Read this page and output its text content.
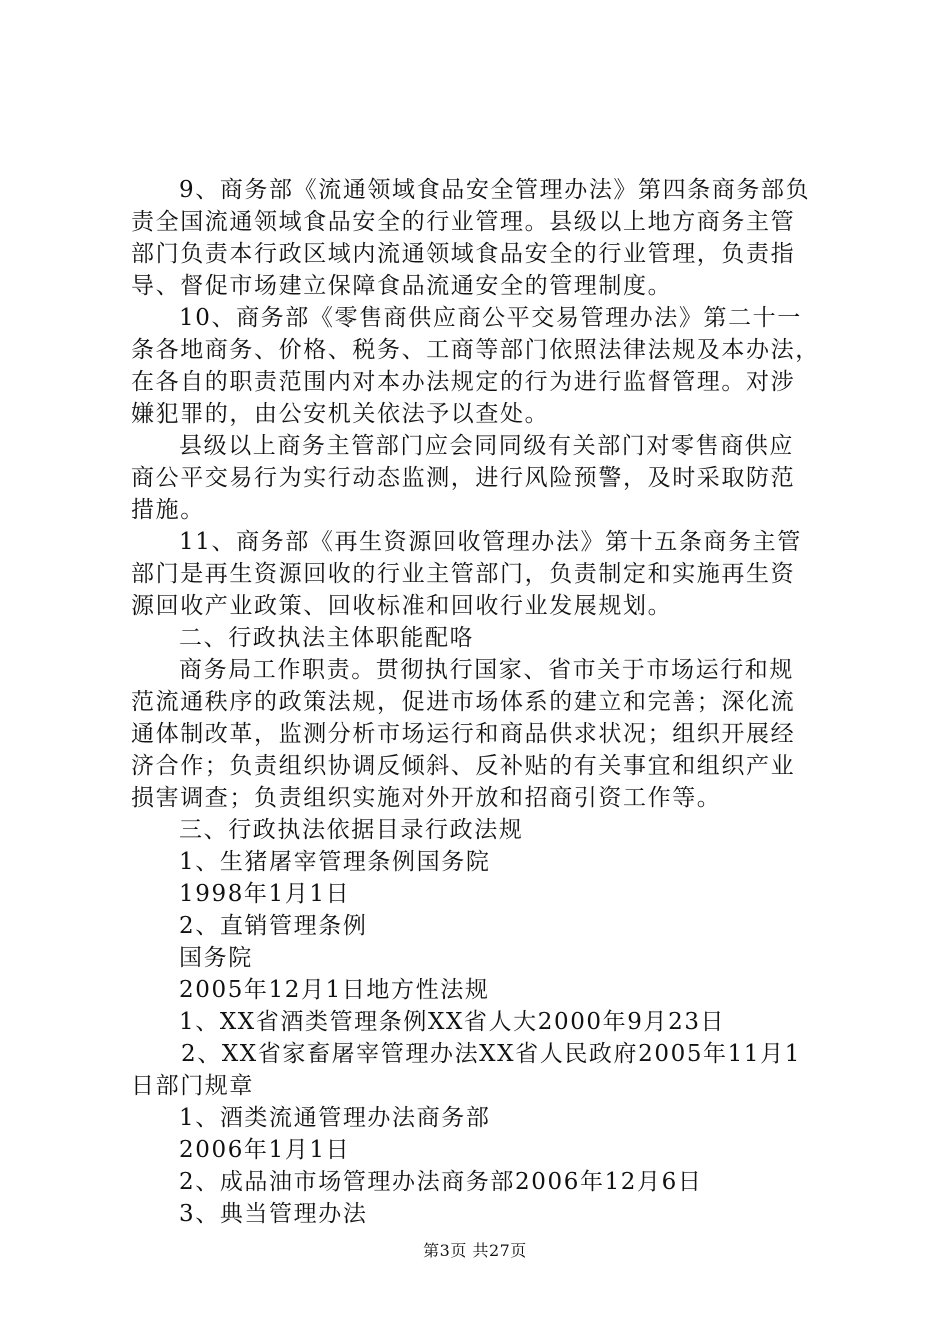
9、商务部《流通领域食品安全管理办法》第四条商务部负
责全国流通领域食品安全的行业管理。县级以上地方商务主管
部门负责本行政区域内流通领域食品安全的行业管理，负责指
导、督促市场建立保障食品流通安全的管理制度。
10、商务部《零售商供应商公平交易管理办法》第二十一
条各地商务、价格、税务、工商等部门依照法律法规及本办法，
在各自的职责范围内对本办法规定的行为进行监督管理。对涉
嫌犯罪的，由公安机关依法予以查处。
县级以上商务主管部门应会同同级有关部门对零售商供应
商公平交易行为实行动态监测，进行风险预警，及时采取防范
措施。
11、商务部《再生资源回收管理办法》第十五条商务主管
部门是再生资源回收的行业主管部门，负责制定和实施再生资
源回收产业政策、回收标准和回收行业发展规划。
二、行政执法主体职能配咯
商务局工作职责。贯彻执行国家、省市关于市场运行和规
范流通秩序的政策法规，促进市场体系的建立和完善；深化流
通体制改革，监测分析市场运行和商品供求状况；组织开展经
济合作；负责组织协调反倾斜、反补贴的有关事宜和组织产业
损害调查；负责组织实施对外开放和招商引资工作等。
三、行政执法依据目录行政法规
1、生猪屠宰管理条例国务院
1998年1月1日
2、直销管理条例
国务院
2005年12月1日地方性法规
1、XX省酒类管理条例XX省人大2000年9月23日
2、XX省家畜屠宰管理办法XX省人民政府2005年11月1
日部门规章
1、酒类流通管理办法商务部
2006年1月1日
2、成品油市场管理办法商务部2006年12月6日
3、典当管理办法
第3页 共27页
